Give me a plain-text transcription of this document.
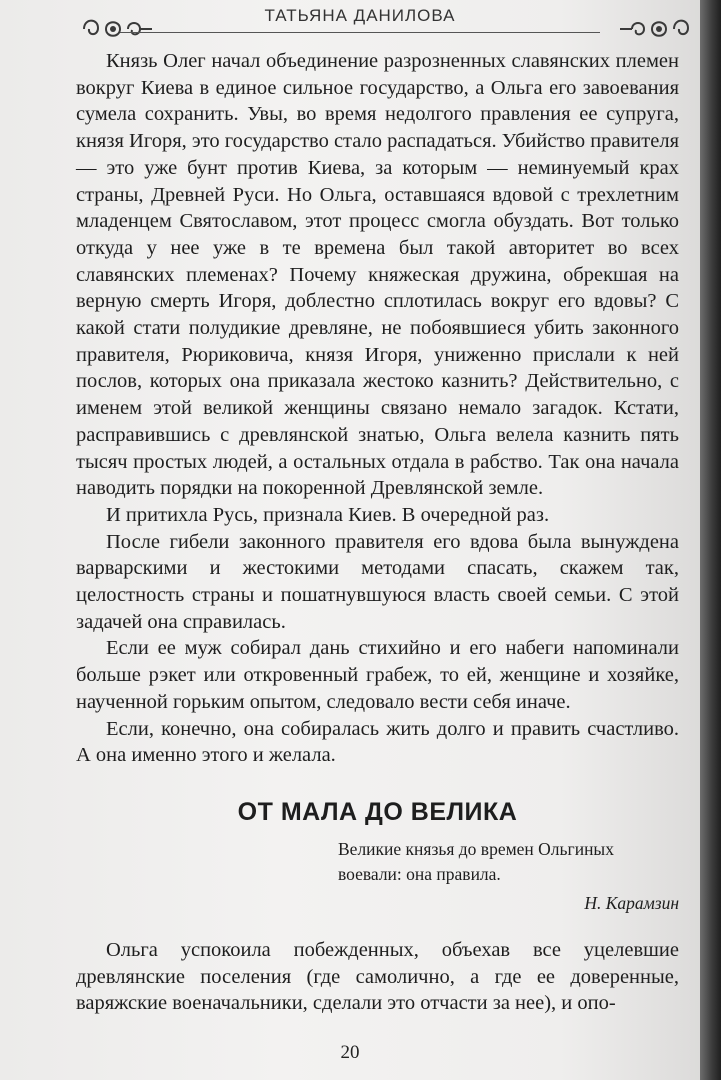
ТАТЬЯНА ДАНИЛОВА

Князь Олег начал объединение разрозненных славянских племен вокруг Киева в единое сильное государство, а Ольга его завоевания сумела сохранить. Увы, во время недолгого правления ее супруга, князя Игоря, это государство стало распадаться. Убийство правителя — это уже бунт против Киева, за которым — неминуемый крах страны, Древней Руси. Но Ольга, оставшаяся вдовой с трехлетним младенцем Святославом, этот процесс смогла обуздать. Вот только откуда у нее уже в те времена был такой авторитет во всех славянских племенах? Почему княжеская дружина, обрекшая на верную смерть Игоря, доблестно сплотилась вокруг его вдовы? С какой стати полудикие древляне, не побоявшиеся убить законного правителя, Рюриковича, князя Игоря, униженно прислали к ней послов, которых она приказала жестоко казнить? Действительно, с именем этой великой женщины связано немало загадок. Кстати, расправившись с древлянской знатью, Ольга велела казнить пять тысяч простых людей, а остальных отдала в рабство. Так она начала наводить порядки на покоренной Древлянской земле.

И притихла Русь, признала Киев. В очередной раз.

После гибели законного правителя его вдова была вынуждена варварскими и жестокими методами спасать, скажем так, целостность страны и пошатнувшуюся власть своей семьи. С этой задачей она справилась.

Если ее муж собирал дань стихийно и его набеги напоминали больше рэкет или откровенный грабеж, то ей, женщине и хозяйке, наученной горьким опытом, следовало вести себя иначе.

Если, конечно, она собиралась жить долго и править счастливо. А она именно этого и желала.

ОТ МАЛА ДО ВЕЛИКА
Великие князья до времен Ольгиных воевали: она правила.
Н. Карамзин

Ольга успокоила побежденных, объехав все уцелевшие древлянские поселения (где самолично, а где ее доверенные, варяжские военачальники, сделали это отчасти за нее), и опо-

20
